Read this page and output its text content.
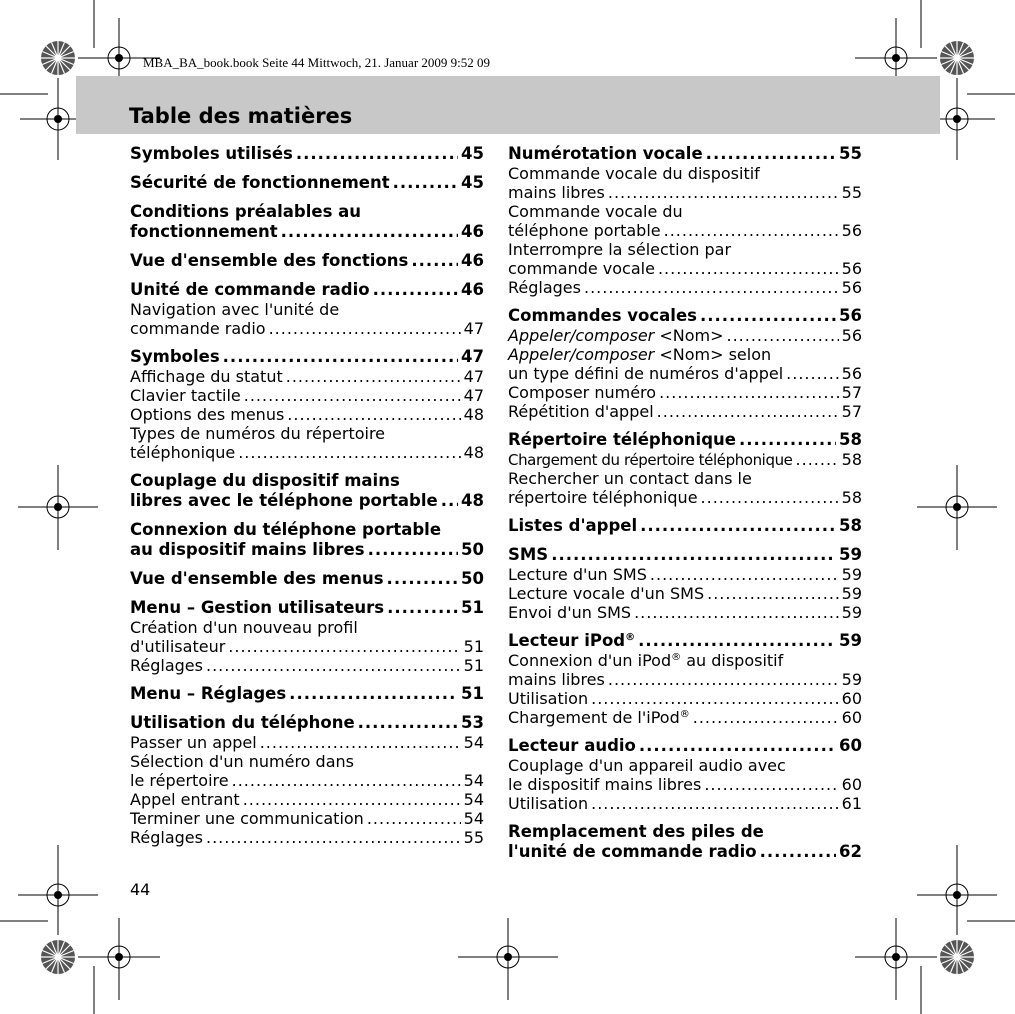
MBA_BA_book.book Seite 44 Mittwoch, 21. Januar 2009 9:52 09
Table des matières
Symboles utilisés .....	45
Sécurité de fonctionnement .....	45
Conditions préalables au
fonctionnement .....	46
Vue d'ensemble des fonctions .....	46
Unité de commande radio .....	46
Navigation avec l'unité de
commande radio .....	47
Symboles .....	47
Affichage du statut .....	47
Clavier tactile .....	47
Options des menus .....	48
Types de numéros du répertoire
téléphonique .....	48
Couplage du dispositif mains
libres avec le téléphone portable ..... 48
Connexion du téléphone portable
au dispositif mains libres .....	50
Vue d'ensemble des menus .....	50
Menu – Gestion utilisateurs .....	51
Création d'un nouveau profil
d'utilisateur .....	51
Réglages .....	51
Menu – Réglages .....	51
Utilisation du téléphone .....	53
Passer un appel .....	54
Sélection d'un numéro dans
le répertoire .....	54
Appel entrant .....	54
Terminer une communication .....	54
Réglages .....	55
Numérotation vocale .....	55
Commande vocale du dispositif
mains libres .....	55
Commande vocale du
téléphone portable .....	56
Interrompre la sélection par
commande vocale .....	56
Réglages .....	56
Commandes vocales .....	56
Appeler/composer <Nom> .....	56
Appeler/composer <Nom> selon
un type défini de numéros d'appel .....	56
Composer numéro .....	57
Répétition d'appel .....	57
Répertoire téléphonique .....	58
Chargement du répertoire téléphonique .....	58
Rechercher un contact dans le
répertoire téléphonique .....	58
Listes d'appel .....	58
SMS .....	59
Lecture d'un SMS .....	59
Lecture vocale d'un SMS .....	59
Envoi d'un SMS .....	59
Lecteur iPod® .....	59
Connexion d'un iPod® au dispositif
mains libres .....	59
Utilisation .....	60
Chargement de l'iPod® .....	60
Lecteur audio .....	60
Couplage d'un appareil audio avec
le dispositif mains libres .....	60
Utilisation .....	61
Remplacement des piles de
l'unité de commande radio .....	62
44
